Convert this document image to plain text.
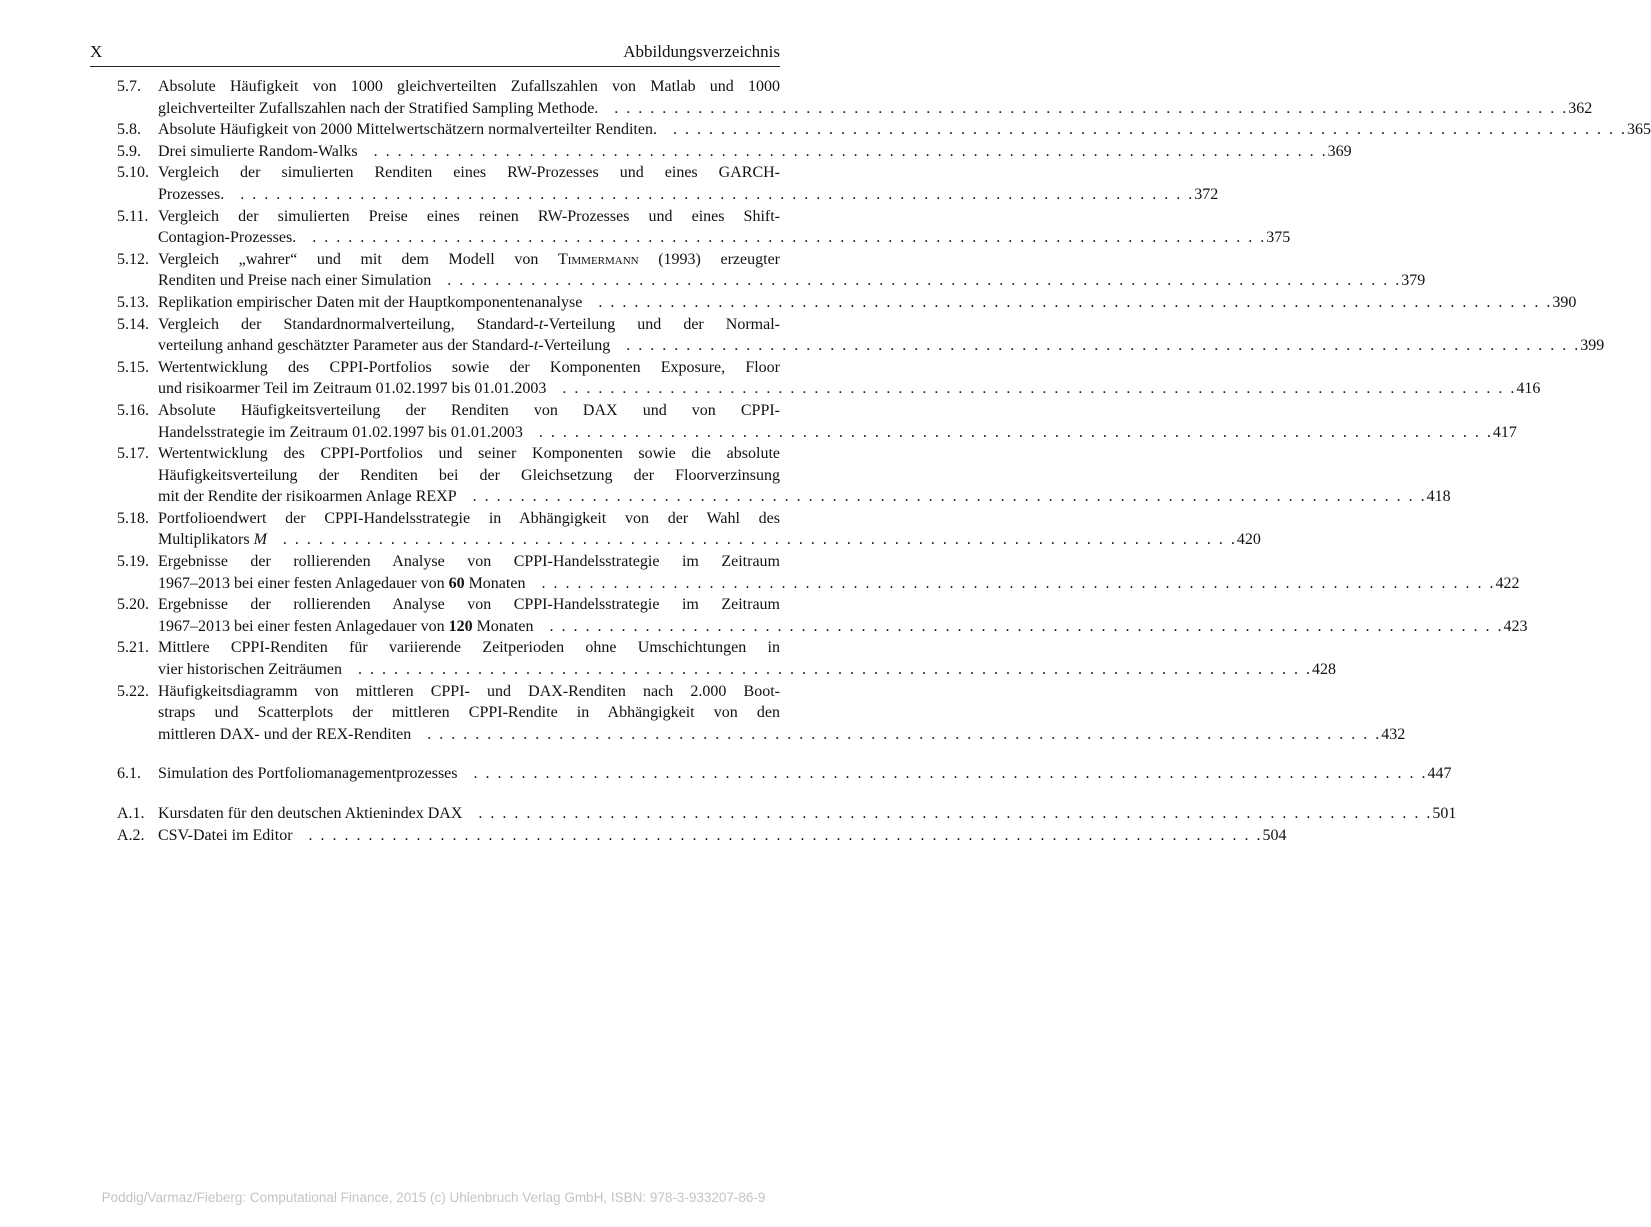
X	Abbildungsverzeichnis
5.7.	Absolute Häufigkeit von 1000 gleichverteilten Zufallszahlen von Matlab und 1000
gleichverteilter Zufallszahlen nach der Stratified Sampling Methode. . . . . . . . . . . . . . . . . . . . . . . . . . . . . . . . . . . . . . . . . . . . . . . . . . . . . . . . . . . . . . . . . . . . . . . . . . . . . . . . .  362
5.8.	Absolute Häufigkeit von 2000 Mittelwertschätzern normalverteilter Renditen. . . . . . . . . . . . . . . . . . . . . . . . . . . . . . . . . . . . . . . . . . . . . . . . . . . . . . . . . . . . . . . . . . . . . . . . . . . . . . . . .  365
5.9.	Drei simulierte Random-Walks . . . . . . . . . . . . . . . . . . . . . . . . . . . . . . . . . . . . . . . . . . . . . . . . . . . . . . . . . . . . . . . . . . . . . . . . . . . . . . . .  369
5.10. Vergleich der simulierten Renditen eines RW-Prozesses und eines GARCH-
Prozesses. . . . . . . . . . . . . . . . . . . . . . . . . . . . . . . . . . . . . . . . . . . . . . . . . . . . . . . . . . . . . . . . . . . . . . . . . . . . . . . . .  372
5.11. Vergleich der simulierten Preise eines reinen RW-Prozesses und eines Shift-
Contagion-Prozesses. . . . . . . . . . . . . . . . . . . . . . . . . . . . . . . . . . . . . . . . . . . . . . . . . . . . . . . . . . . . . . . . . . . . . . . . . . . . . . . . .  375
5.12. Vergleich „wahrer“ und mit dem Modell von Timmermann (1993) erzeugter
Renditen und Preise nach einer Simulation . . . . . . . . . . . . . . . . . . . . . . . . . . . . . . . . . . . . . . . . . . . . . . . . . . . . . . . . . . . . . . . . . . . . . . . . . . . . . . . .  379
5.13. Replikation empirischer Daten mit der Hauptkomponentenanalyse . . . . . . . . . . . . . . . . . . . . . . . . . . . . . . . . . . . . . . . . . . . . . . . . . . . . . . . . . . . . . . . . . . . . . . . . . . . . . . . .  390
5.14. Vergleich der Standardnormalverteilung, Standard-t-Verteilung und der Normal-
verteilung anhand geschätzter Parameter aus der Standard-t-Verteilung . . . . . . . . . . . . . . . . . . . . . . . . . . . . . . . . . . . . . . . . . . . . . . . . . . . . . . . . . . . . . . . . . . . . . . . . . . . . . . . .  399
5.15. Wertentwicklung des CPPI-Portfolios sowie der Komponenten Exposure, Floor
und risikoarmer Teil im Zeitraum 01.02.1997 bis 01.01.2003 . . . . . . . . . . . . . . . . . . . . . . . . . . . . . . . . . . . . . . . . . . . . . . . . . . . . . . . . . . . . . . . . . . . . . . . . . . . . . . . .  416
5.16. Absolute Häufigkeitsverteilung der Renditen von DAX und von CPPI-
Handelsstrategie im Zeitraum 01.02.1997 bis 01.01.2003 . . . . . . . . . . . . . . . . . . . . . . . . . . . . . . . . . . . . . . . . . . . . . . . . . . . . . . . . . . . . . . . . . . . . . . . . . . . . . . . .  417
5.17. Wertentwicklung des CPPI-Portfolios und seiner Komponenten sowie die absolute
Häufigkeitsverteilung der Renditen bei der Gleichsetzung der Floorverzinsung
mit der Rendite der risikoarmen Anlage REXP . . . . . . . . . . . . . . . . . . . . . . . . . . . . . . . . . . . . . . . . . . . . . . . . . . . . . . . . . . . . . . . . . . . . . . . . . . . . . . . .  418
5.18. Portfolioendwert der CPPI-Handelsstrategie in Abhängigkeit von der Wahl des
Multiplikators M . . . . . . . . . . . . . . . . . . . . . . . . . . . . . . . . . . . . . . . . . . . . . . . . . . . . . . . . . . . . . . . . . . . . . . . . . . . . . . . .  420
5.19. Ergebnisse der rollierenden Analyse von CPPI-Handelsstrategie im Zeitraum
1967–2013 bei einer festen Anlagedauer von 60 Monaten . . . . . . . . . . . . . . . . . . . . . . . . . . . . . . . . . . . . . . . . . . . . . . . . . . . . . . . . . . . . . . . . . . . . . . . . . . . . . . . .  422
5.20. Ergebnisse der rollierenden Analyse von CPPI-Handelsstrategie im Zeitraum
1967–2013 bei einer festen Anlagedauer von 120 Monaten . . . . . . . . . . . . . . . . . . . . . . . . . . . . . . . . . . . . . . . . . . . . . . . . . . . . . . . . . . . . . . . . . . . . . . . . . . . . . . . .  423
5.21. Mittlere CPPI-Renditen für variierende Zeitperioden ohne Umschichtungen in
vier historischen Zeiträumen . . . . . . . . . . . . . . . . . . . . . . . . . . . . . . . . . . . . . . . . . . . . . . . . . . . . . . . . . . . . . . . . . . . . . . . . . . . . . . . .  428
5.22. Häufigkeitsdiagramm von mittleren CPPI- und DAX-Renditen nach 2.000 Boot-
straps und Scatterplots der mittleren CPPI-Rendite in Abhängigkeit von den
mittleren DAX- und der REX-Renditen . . . . . . . . . . . . . . . . . . . . . . . . . . . . . . . . . . . . . . . . . . . . . . . . . . . . . . . . . . . . . . . . . . . . . . . . . . . . . . . .  432
6.1.	Simulation des Portfoliomanagementprozesses . . . . . . . . . . . . . . . . . . . . . . . . . . . . . . . . . . . . . . . . . . . . . . . . . . . . . . . . . . . . . . . . . . . . . . . . . . . . . . . .  447
A.1. Kursdaten für den deutschen Aktienindex DAX . . . . . . . . . . . . . . . . . . . . . . . . . . . . . . . . . . . . . . . . . . . . . . . . . . . . . . . . . . . . . . . . . . . . . . . . . . . . . . . .  501
A.2. CSV-Datei im Editor . . . . . . . . . . . . . . . . . . . . . . . . . . . . . . . . . . . . . . . . . . . . . . . . . . . . . . . . . . . . . . . . . . . . . . . . . . . . . . . .  504
Poddig/Varmaz/Fieberg: Computational Finance, 2015 (c) Uhlenbruch Verlag GmbH, ISBN: 978-3-933207-86-9
